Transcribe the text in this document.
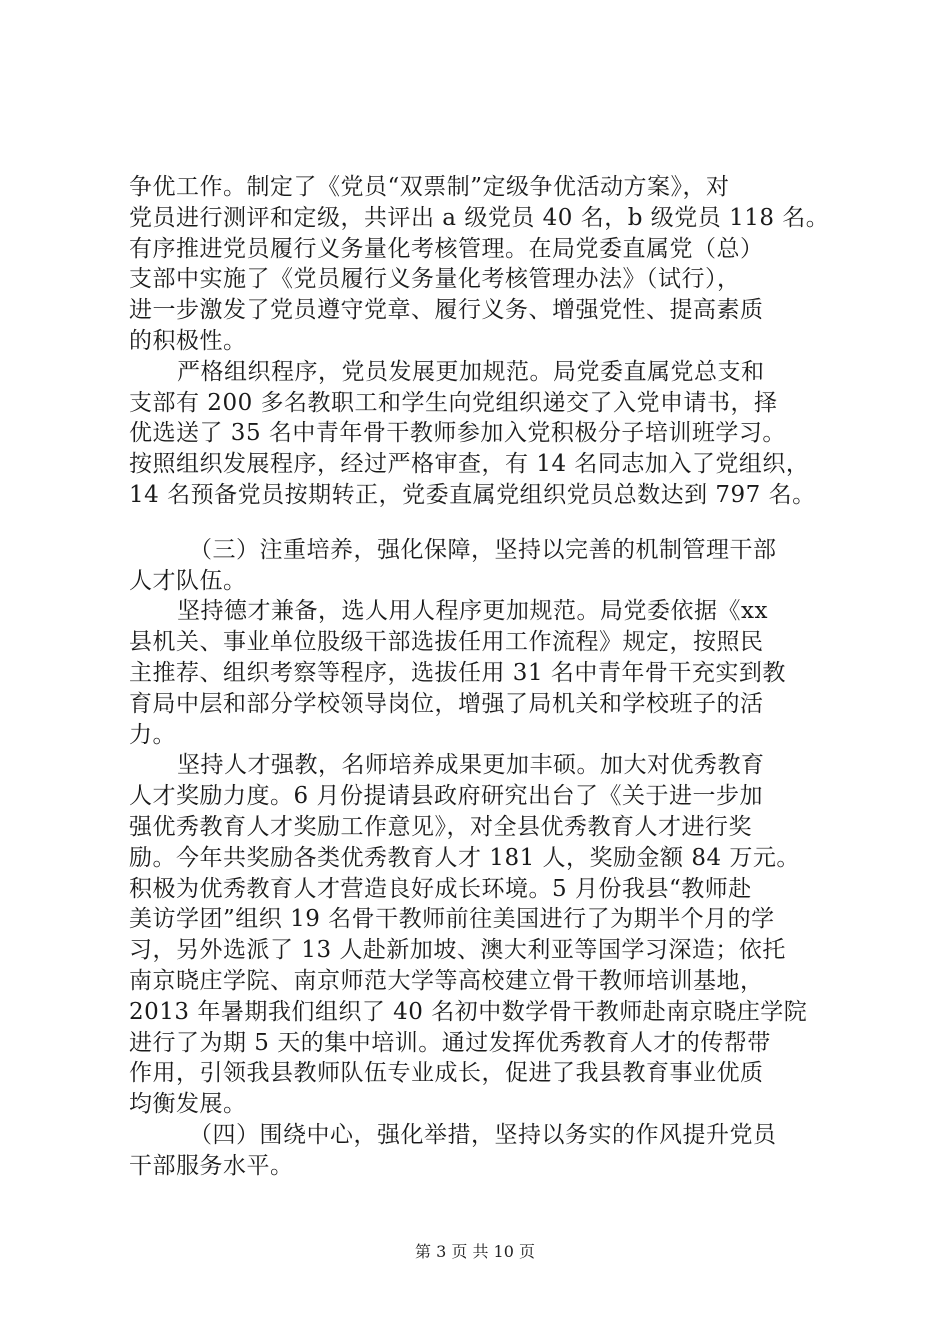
争优工作。制定了《党员“双票制”定级争优活动方案》，对
党员进行测评和定级，共评出 a 级党员 40 名，b 级党员 118 名。
有序推进党员履行义务量化考核管理。在局党委直属党（总）
支部中实施了《党员履行义务量化考核管理办法》（试行），
进一步激发了党员遵守党章、履行义务、增强党性、提高素质
的积极性。
严格组织程序，党员发展更加规范。局党委直属党总支和
支部有 200 多名教职工和学生向党组织递交了入党申请书，择
优选送了 35 名中青年骨干教师参加入党积极分子培训班学习。
按照组织发展程序，经过严格审查，有 14 名同志加入了党组织，
14 名预备党员按期转正，党委直属党组织党员总数达到 797 名。
（三）注重培养，强化保障，坚持以完善的机制管理干部
人才队伍。
坚持德才兼备，选人用人程序更加规范。局党委依据《xx
县机关、事业单位股级干部选拔任用工作流程》规定，按照民
主推荐、组织考察等程序，选拔任用 31 名中青年骨干充实到教
育局中层和部分学校领导岗位，增强了局机关和学校班子的活
力。
坚持人才强教，名师培养成果更加丰硕。加大对优秀教育
人才奖励力度。6 月份提请县政府研究出台了《关于进一步加
强优秀教育人才奖励工作意见》，对全县优秀教育人才进行奖
励。今年共奖励各类优秀教育人才 181 人，奖励金额 84 万元。
积极为优秀教育人才营造良好成长环境。5 月份我县“教师赴
美访学团”组织 19 名骨干教师前往美国进行了为期半个月的学
习，另外选派了 13 人赴新加坡、澳大利亚等国学习深造；依托
南京晓庄学院、南京师范大学等高校建立骨干教师培训基地，
2013 年暑期我们组织了 40 名初中数学骨干教师赴南京晓庄学院
进行了为期 5 天的集中培训。通过发挥优秀教育人才的传帮带
作用，引领我县教师队伍专业成长，促进了我县教育事业优质
均衡发展。
（四）围绕中心，强化举措，坚持以务实的作风提升党员
干部服务水平。
第 3 页 共 10 页
